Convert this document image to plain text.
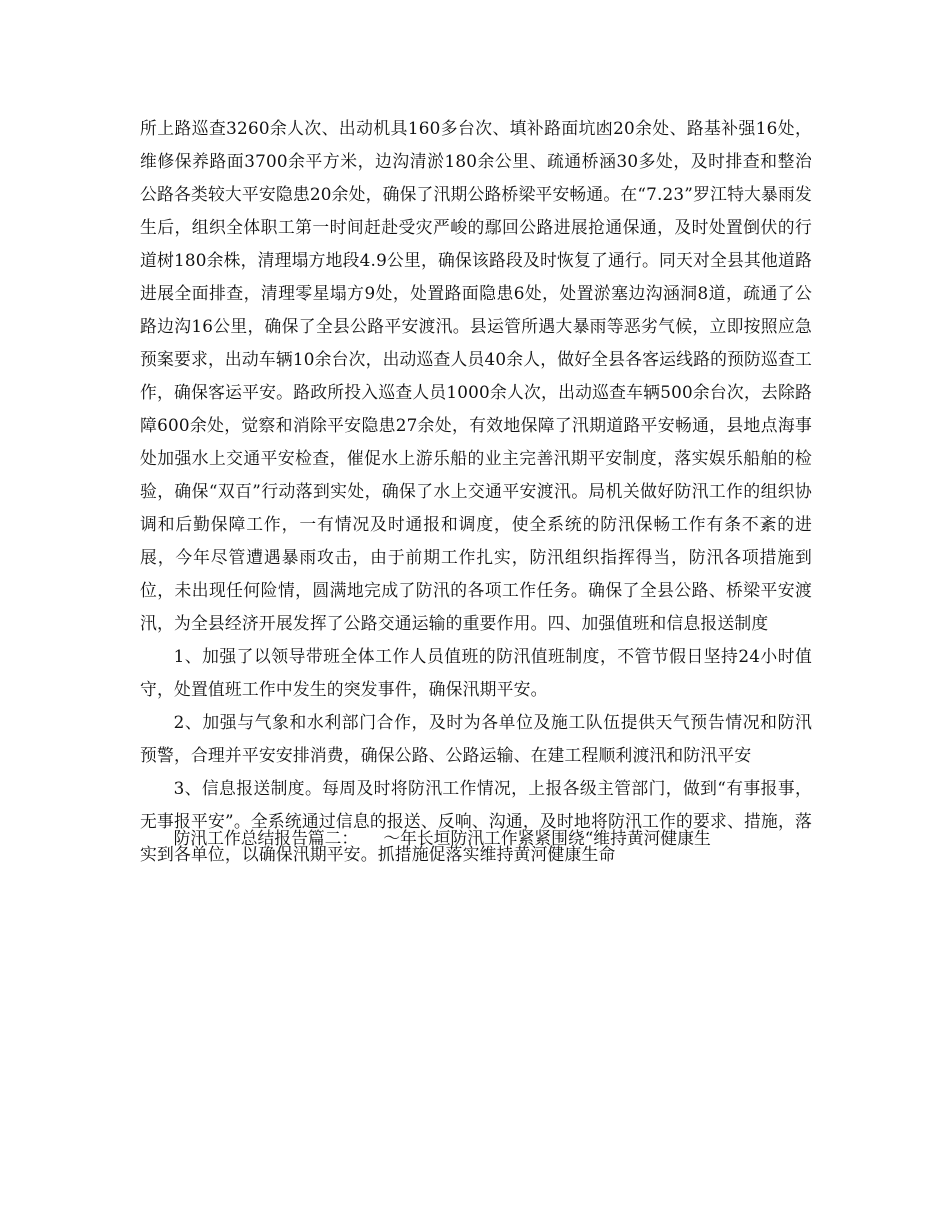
所上路巡查3260余人次、出动机具160多台次、填补路面坑凼20余处、路基补强16处，维修保养路面3700余平方米，边沟清淤180余公里、疏通桥涵30多处，及时排查和整治公路各类较大平安隐患20余处，确保了汛期公路桥梁平安畅通。在“7.23”罗江特大暴雨发生后，组织全体职工第一时间赶赴受灾严峻的鄢回公路进展抢通保通，及时处置倒伏的行道树180余株，清理塌方地段4.9公里，确保该路段及时恢复了通行。同天对全县其他道路进展全面排查，清理零星塌方9处，处置路面隐患6处，处置淤塞边沟涵洞8道，疏通了公路边沟16公里，确保了全县公路平安渡汛。县运管所遇大暴雨等恶劣气候，立即按照应急预案要求，出动车辆10余台次，出动巡查人员40余人，做好全县各客运线路的预防巡查工作，确保客运平安。路政所投入巡查人员1000余人次，出动巡查车辆500余台次，去除路障600余处，觉察和消除平安隐患27余处，有效地保障了汛期道路平安畅通，县地点海事处加强水上交通平安检查，催促水上游乐船的业主完善汛期平安制度，落实娱乐船舶的检验，确保“双百”行动落到实处，确保了水上交通平安渡汛。局机关做好防汛工作的组织协调和后勤保障工作，一有情况及时通报和调度，使全系统的防汛保畅工作有条不紊的进展，今年尽管遭遇暴雨攻击，由于前期工作扎实，防汛组织指挥得当，防汛各项措施到位，未出现任何险情，圆满地完成了防汛的各项工作任务。确保了全县公路、桥梁平安渡汛，为全县经济开展发挥了公路交通运输的重要作用。四、加强值班和信息报送制度

1、加强了以领导带班全体工作人员值班的防汛值班制度，不管节假日坚持24小时值守，处置值班工作中发生的突发事件，确保汛期平安。

2、加强与气象和水利部门合作，及时为各单位及施工队伍提供天气预告情况和防汛预警，合理并平安安排消费，确保公路、公路运输、在建工程顺利渡汛和防汛平安

3、信息报送制度。每周及时将防汛工作情况，上报各级主管部门，做到“有事报事，无事报平安”。全系统通过信息的报送、反响、沟通，及时地将防汛工作的要求、措施，落实到各单位，以确保汛期平安。抓措施促落实维持黄河健康生命

防汛工作总结报告篇二：　　～年长垣防汛工作紧紧围绕“维持黄河健康生
